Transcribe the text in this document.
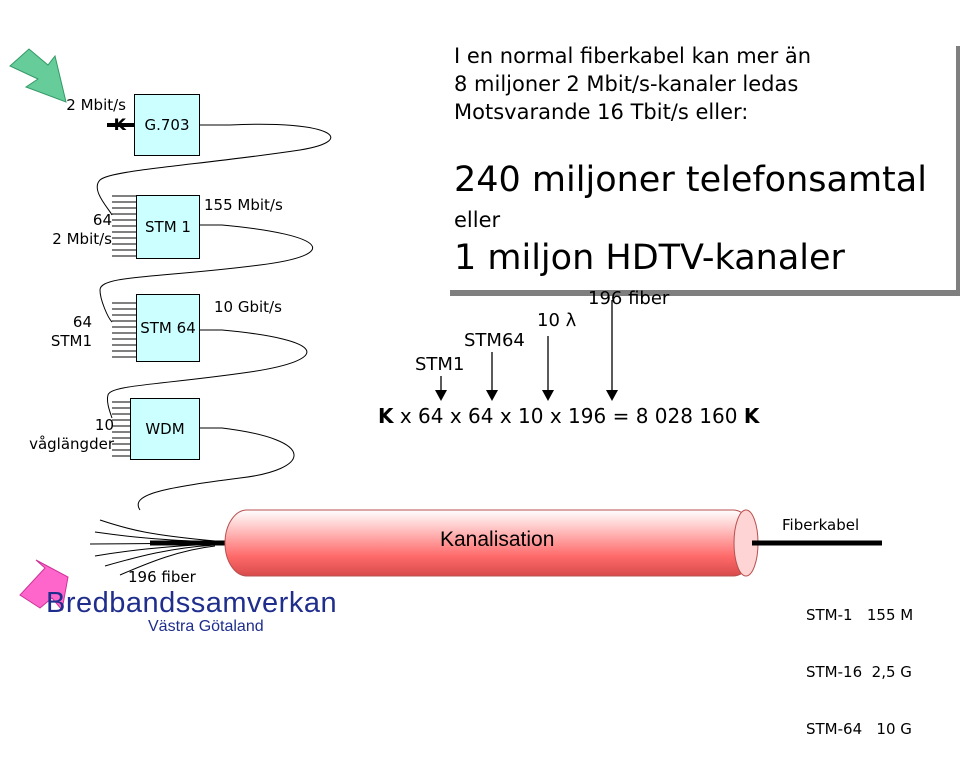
2 Mbit/s
K G.703
64
2 Mbit/s
STM 1
155 Mbit/s
64
STM1
STM 64
10 Gbit/s
10
våglängder
WDM
196 fiber
I en normal fiberkabel kan mer än
8 miljoner 2 Mbit/s-kanaler ledas
Motsvarande 16 Tbit/s eller:
240 miljoner telefonsamtal
eller
1 miljon HDTV-kanaler
STM1
STM64
10 λ
196 fiber
K x 64 x 64 x 10 x 196 = 8 028 160 K
Kanalisation
Fiberkabel

STM-1   155 M

STM-16  2,5 G

STM-64   10 G

Bredbandssamverkan
Västra Götaland
